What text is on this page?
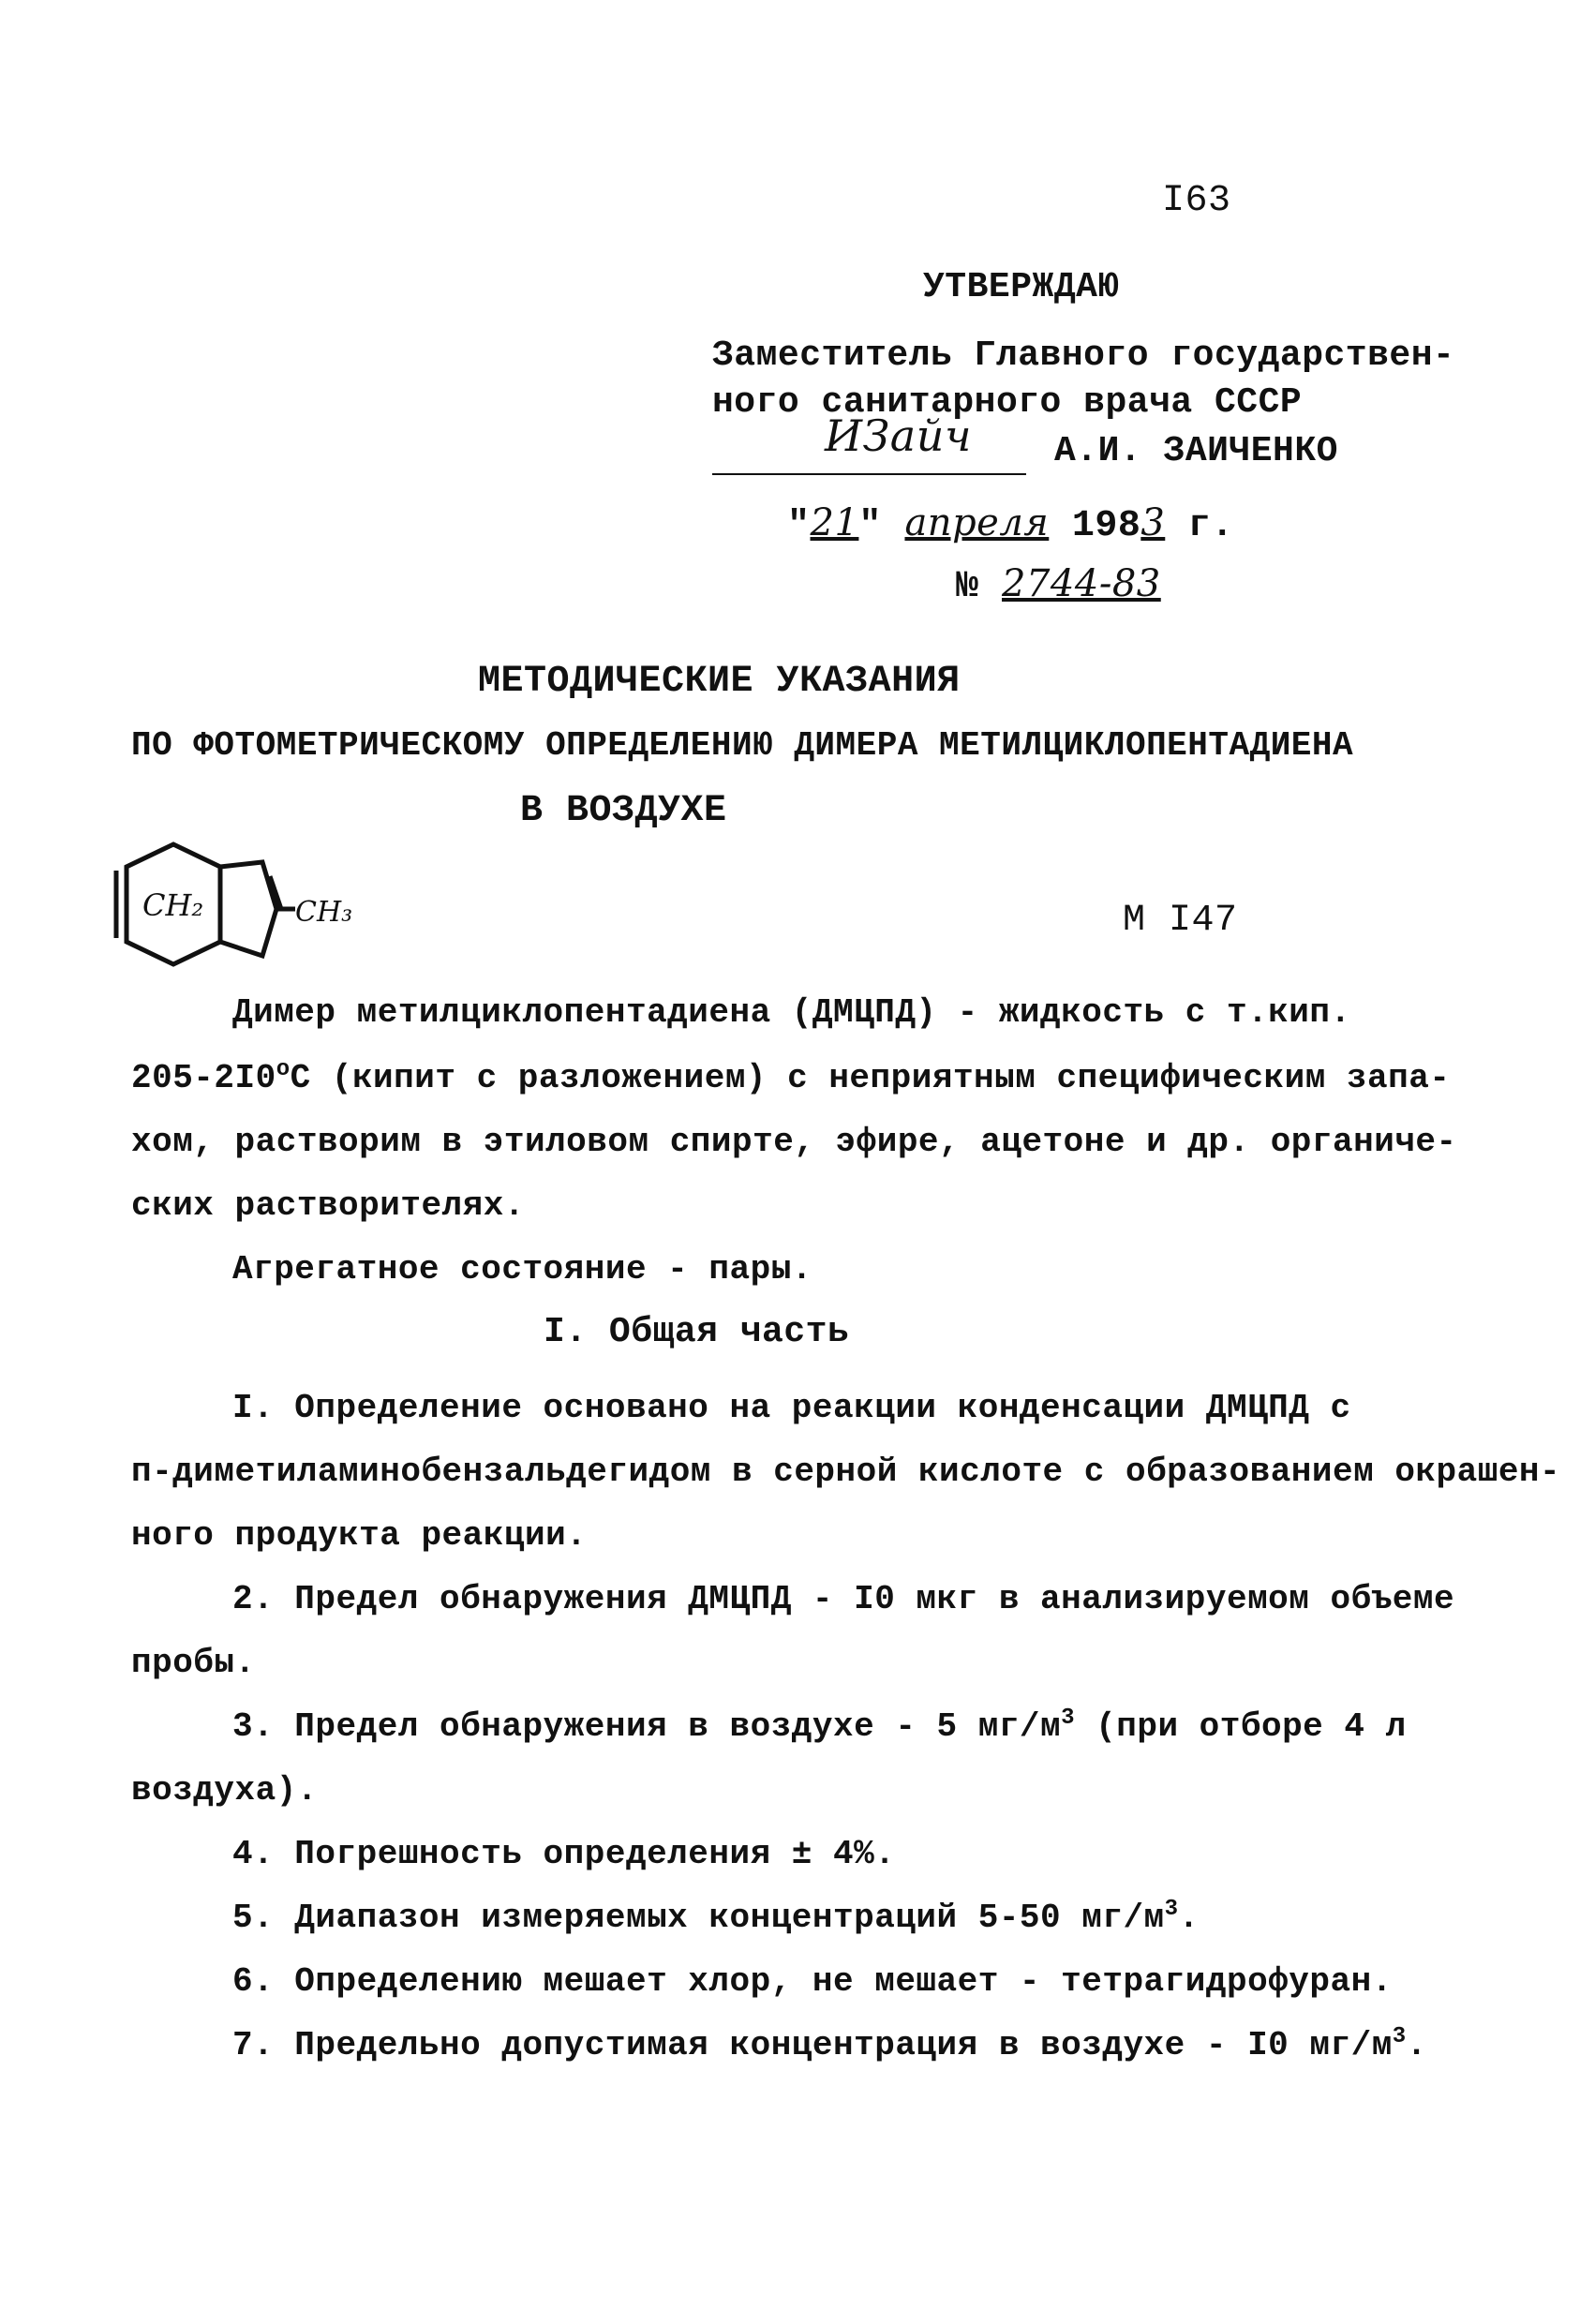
I63
УТВЕРЖДАЮ
Заместитель Главного государствен-
ного санитарного врача СССР
ИЗайч А.И. ЗАИЧЕНКО
"21" апреля 1983 г.
№ 2744-83
МЕТОДИЧЕСКИЕ УКАЗАНИЯ
ПО ФОТОМЕТРИЧЕСКОМУ ОПРЕДЕЛЕНИЮ ДИМЕРА МЕТИЛЦИКЛОПЕНТАДИЕНА
В ВОЗДУХЕ
CH₂	CH₃	М I47
Димер метилциклопентадиена (ДМЦПД) - жидкость с т.кип.
205-2I0$^o$С (кипит с разложением) с неприятным специфическим запа-
хом, растворим в этиловом спирте, эфире, ацетоне и др. органиче-
ских растворителях.
Агрегатное состояние - пары.
I. Общая часть
I. Определение основано на реакции конденсации ДМЦПД с
п-диметиламинобензальдегидом в серной кислоте с образованием окрашен-
ного продукта реакции.
2. Предел обнаружения ДМЦПД - I0 мкг в анализируемом объеме
пробы.
3. Предел обнаружения в воздухе - 5 $мг/м^3$ (при отборе 4 л
воздуха).
4. Погрешность определения ± 4%.
5. Диапазон измеряемых концентраций 5-50 $мг/м^3$.
6. Определению мешает хлор, не мешает - тетрагидрофуран.
7. Предельно допустимая концентрация в воздухе - I0 $мг/м^3$.
